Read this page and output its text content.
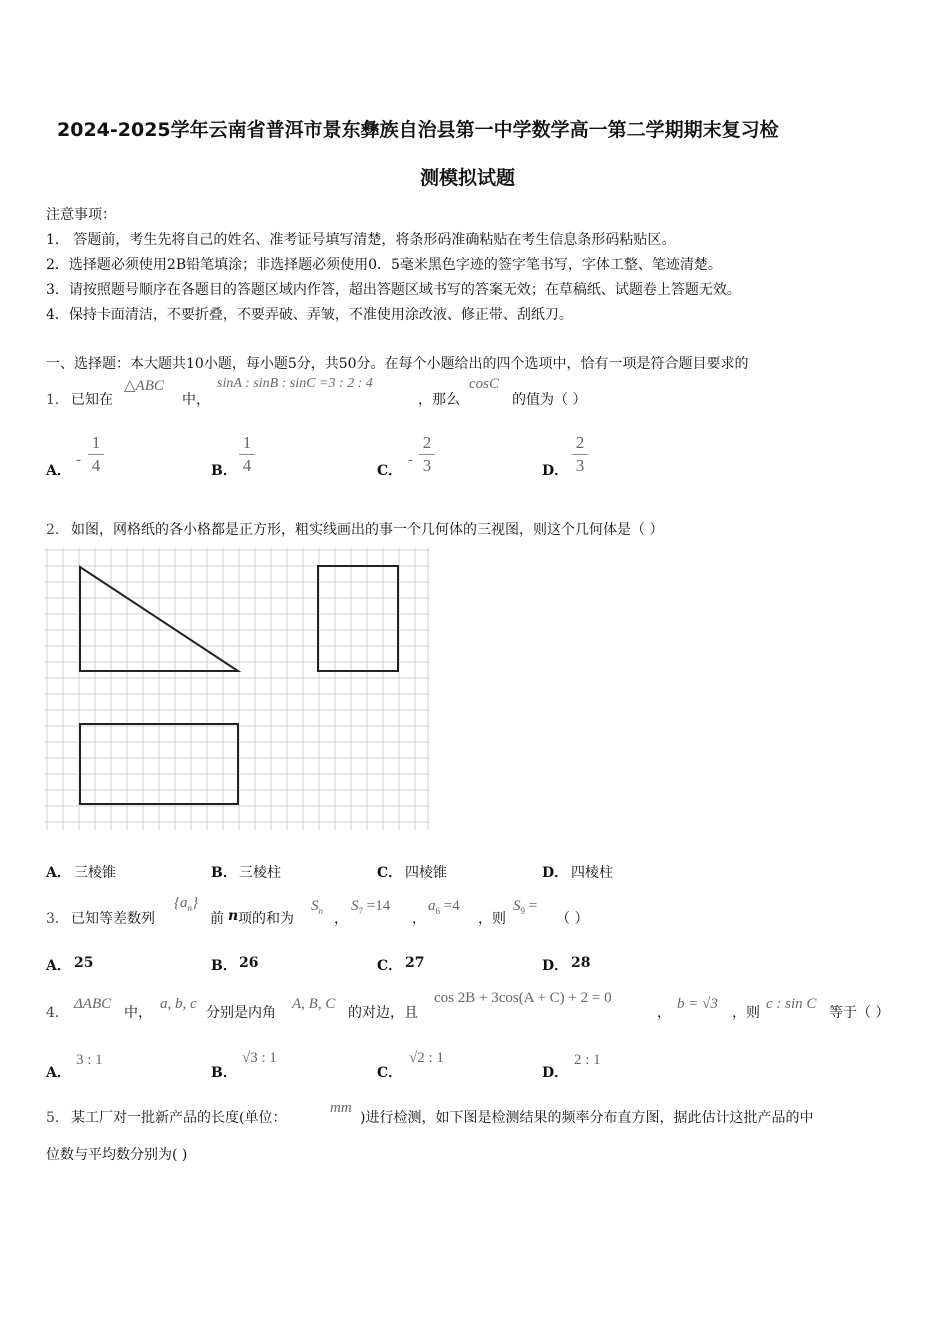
2024-2025学年云南省普洱市景东彝族自治县第一中学数学高一第二学期期末复习检
测模拟试题
注意事项：
1． 答题前，考生先将自己的姓名、准考证号填写清楚，将条形码准确粘贴在考生信息条形码粘贴区。
2．选择题必须使用2B铅笔填涂；非选择题必须使用0．5毫米黑色字迹的签字笔书写，字体工整、笔迹清楚。
3．请按照题号顺序在各题目的答题区域内作答，超出答题区域书写的答案无效；在草稿纸、试题卷上答题无效。
4．保持卡面清洁，不要折叠，不要弄破、弄皱，不准使用涂改液、修正带、刮纸刀。
一、选择题：本大题共10小题，每小题5分，共50分。在每个小题给出的四个选项中，恰有一项是符合题目要求的
1． 已知在
△ABC
中，
sinA : sinB : sinC =3 : 2 : 4
，那么
cosC
的值为（ ）
A．
-
1
4	B．
1
4	C．
-
2
3	D．
2
3
2． 如图，网格纸的各小格都是正方形，粗实线画出的事一个几何体的三视图，则这个几何体是（ ）
A． 三棱锥	B． 三棱柱	C． 四棱锥	D． 四棱柱
3． 已知等差数列
$\{a_n\}$
前 n 项的和为
$S_n$ ，
$S_7 =14$
，
$a_6 =4$
，则
$S_9$ =
（ ）
A． 25	B． 26	C． 27	D． 28
4．
ΔABC
中，
a, b, c
分别是内角
A, B, C
的对边，且
cos 2B + 3cos(A + C) + 2 = 0
，
b = √3
，则
c : sin C
等于（ ）
A．
3 : 1
B．
√3 : 1
C．
√2 : 1
D．
2 : 1
5． 某工厂对一批新产品的长度(单位：
mm
)进行检测，如下图是检测结果的频率分布直方图，据此估计这批产品的中
位数与平均数分别为( )
